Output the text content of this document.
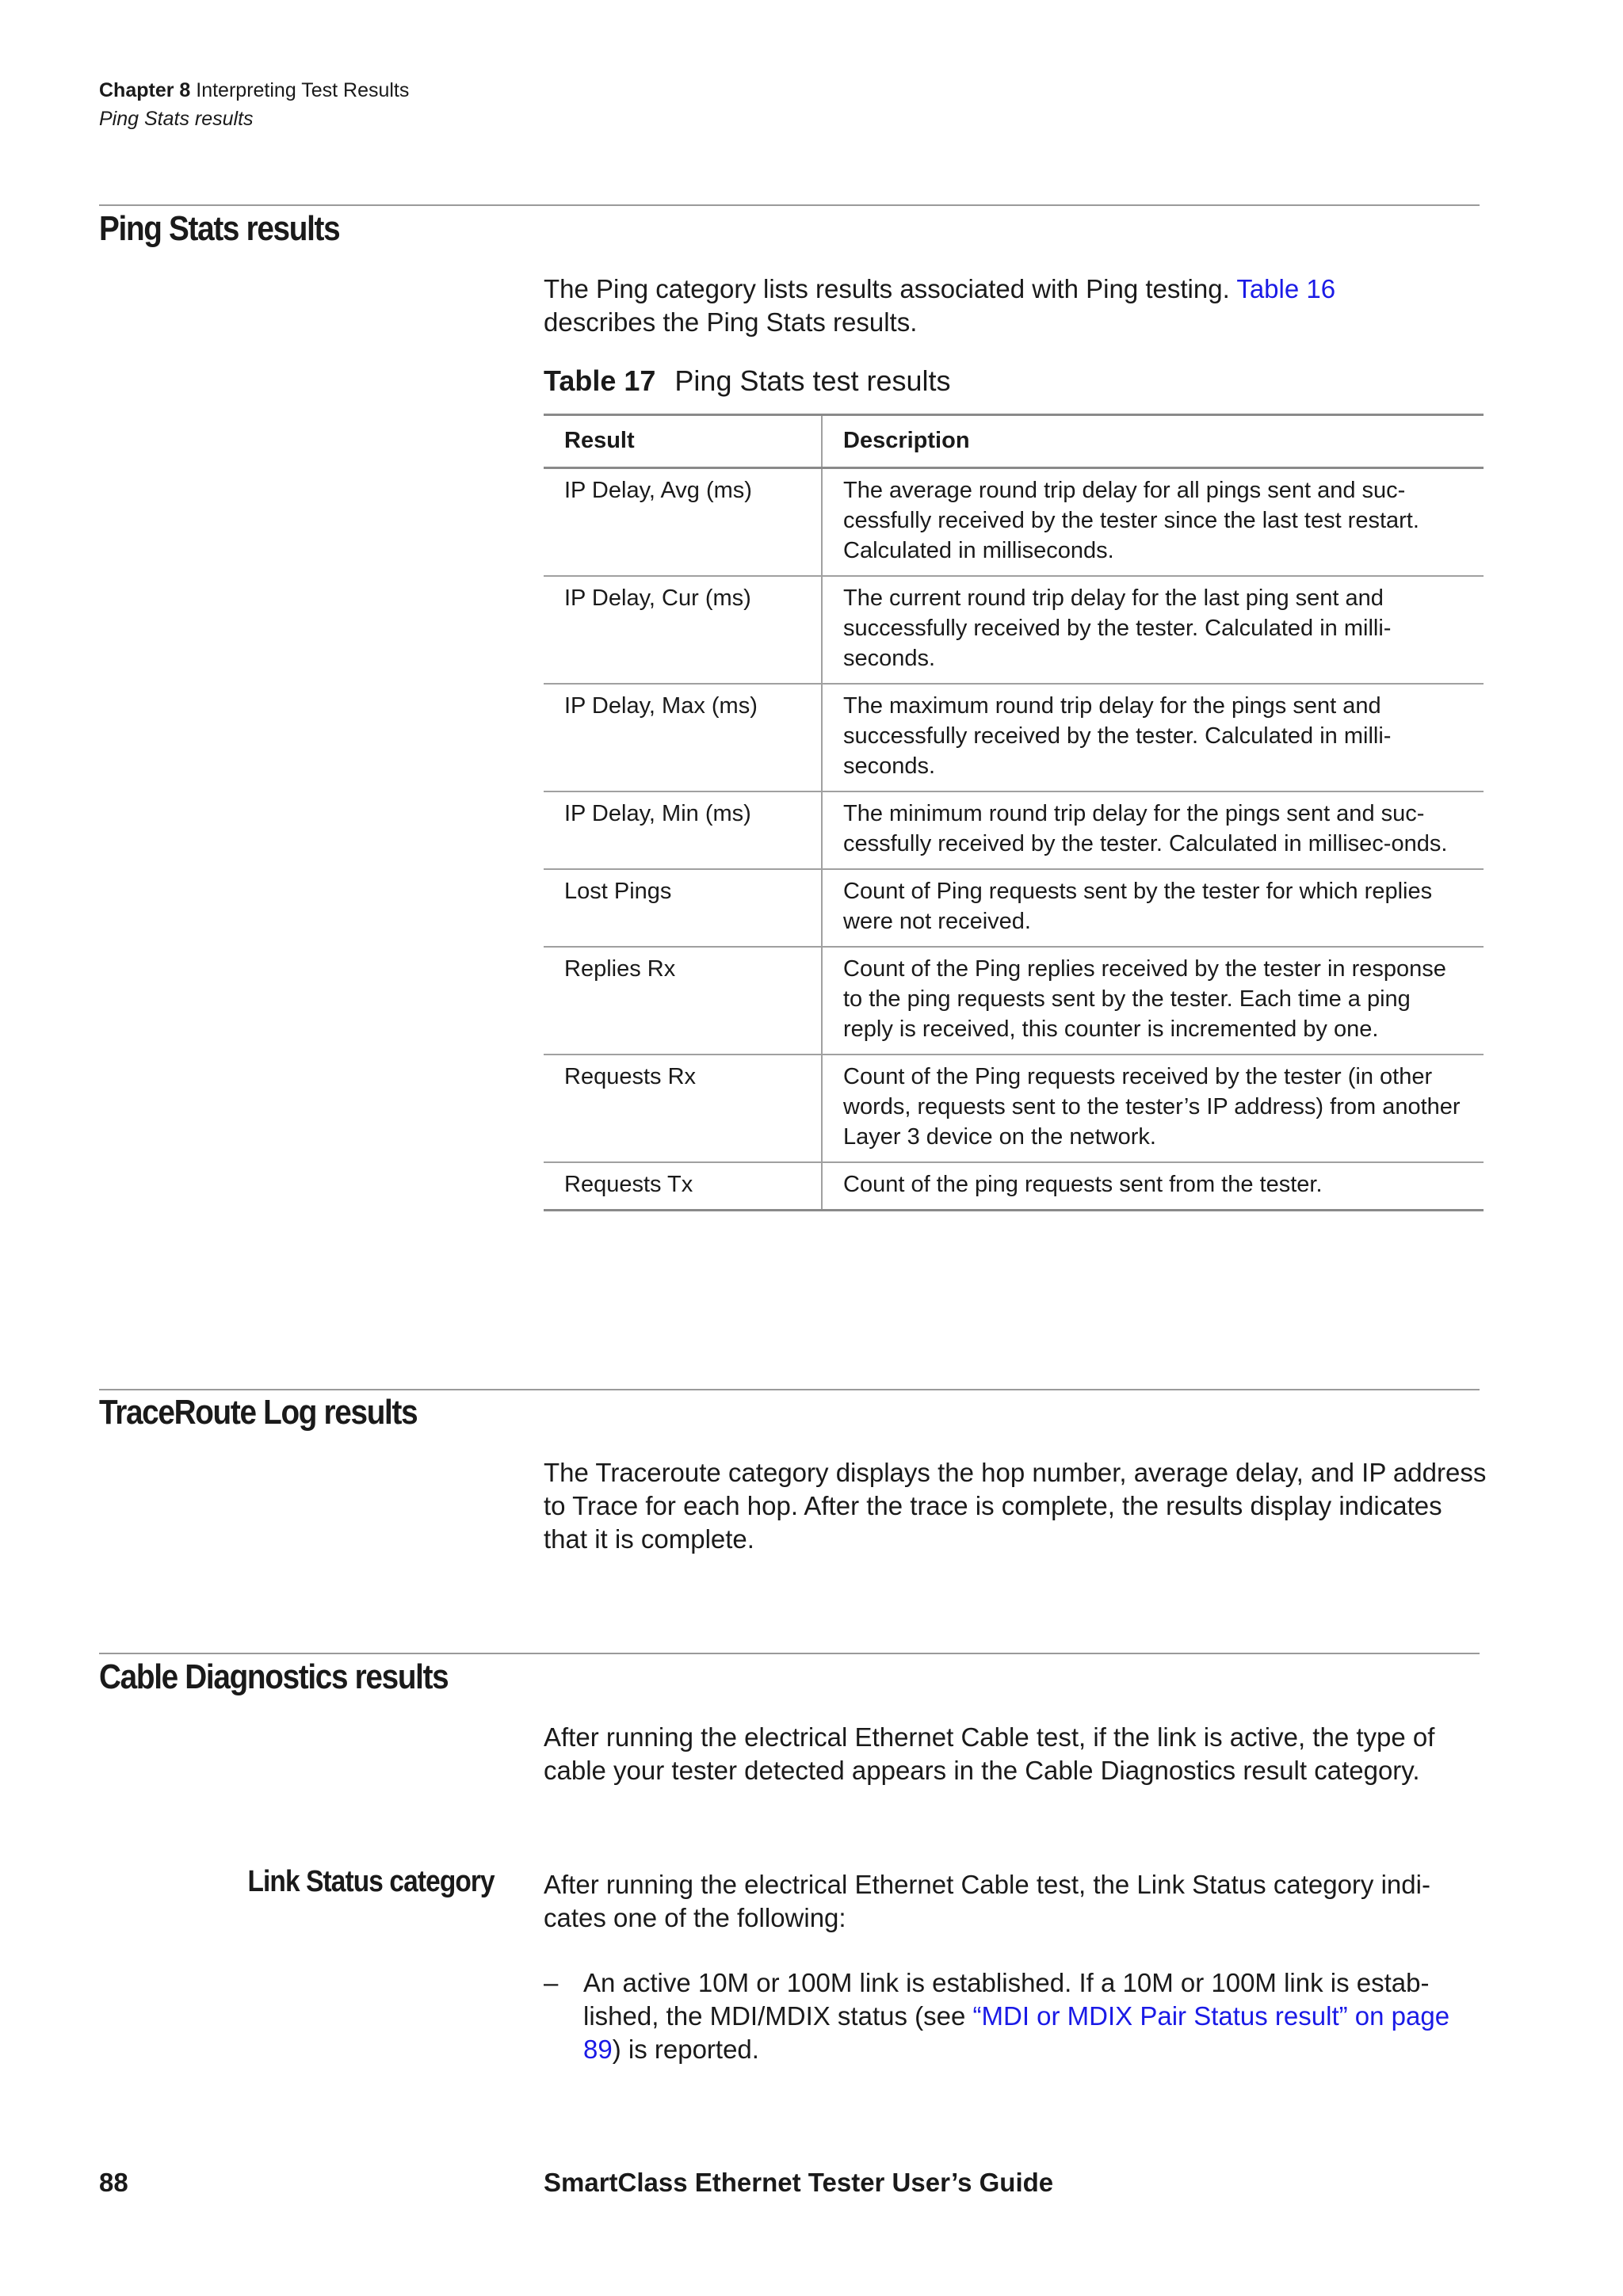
Chapter 8 Interpreting Test Results
Ping Stats results
Ping Stats results
The Ping category lists results associated with Ping testing. Table 16
describes the Ping Stats results.
Table 17 Ping Stats test results
Result	Description
IP Delay, Avg (ms)	The average round trip delay for all pings sent and suc-cessfully received by the tester since the last test restart. Calculated in milliseconds.
IP Delay, Cur (ms)	The current round trip delay for the last ping sent and successfully received by the tester. Calculated in milli-seconds.
IP Delay, Max (ms)	The maximum round trip delay for the pings sent and successfully received by the tester. Calculated in milli-seconds.
IP Delay, Min (ms)	The minimum round trip delay for the pings sent and suc-cessfully received by the tester. Calculated in millisec-onds.
Lost Pings	Count of Ping requests sent by the tester for which replies were not received.
Replies Rx	Count of the Ping replies received by the tester in response to the ping requests sent by the tester. Each time a ping reply is received, this counter is incremented by one.
Requests Rx	Count of the Ping requests received by the tester (in other words, requests sent to the tester’s IP address) from another Layer 3 device on the network.
Requests Tx	Count of the ping requests sent from the tester.
TraceRoute Log results
The Traceroute category displays the hop number, average delay, and IP address to Trace for each hop. After the trace is complete, the results display indicates that it is complete.
Cable Diagnostics results
After running the electrical Ethernet Cable test, if the link is active, the type of cable your tester detected appears in the Cable Diagnostics result category.
Link Status category After running the electrical Ethernet Cable test, the Link Status category indi-cates one of the following:
– An active 10M or 100M link is established. If a 10M or 100M link is estab-lished, the MDI/MDIX status (see “MDI or MDIX Pair Status result” on page 89) is reported.
88	SmartClass Ethernet Tester User’s Guide
